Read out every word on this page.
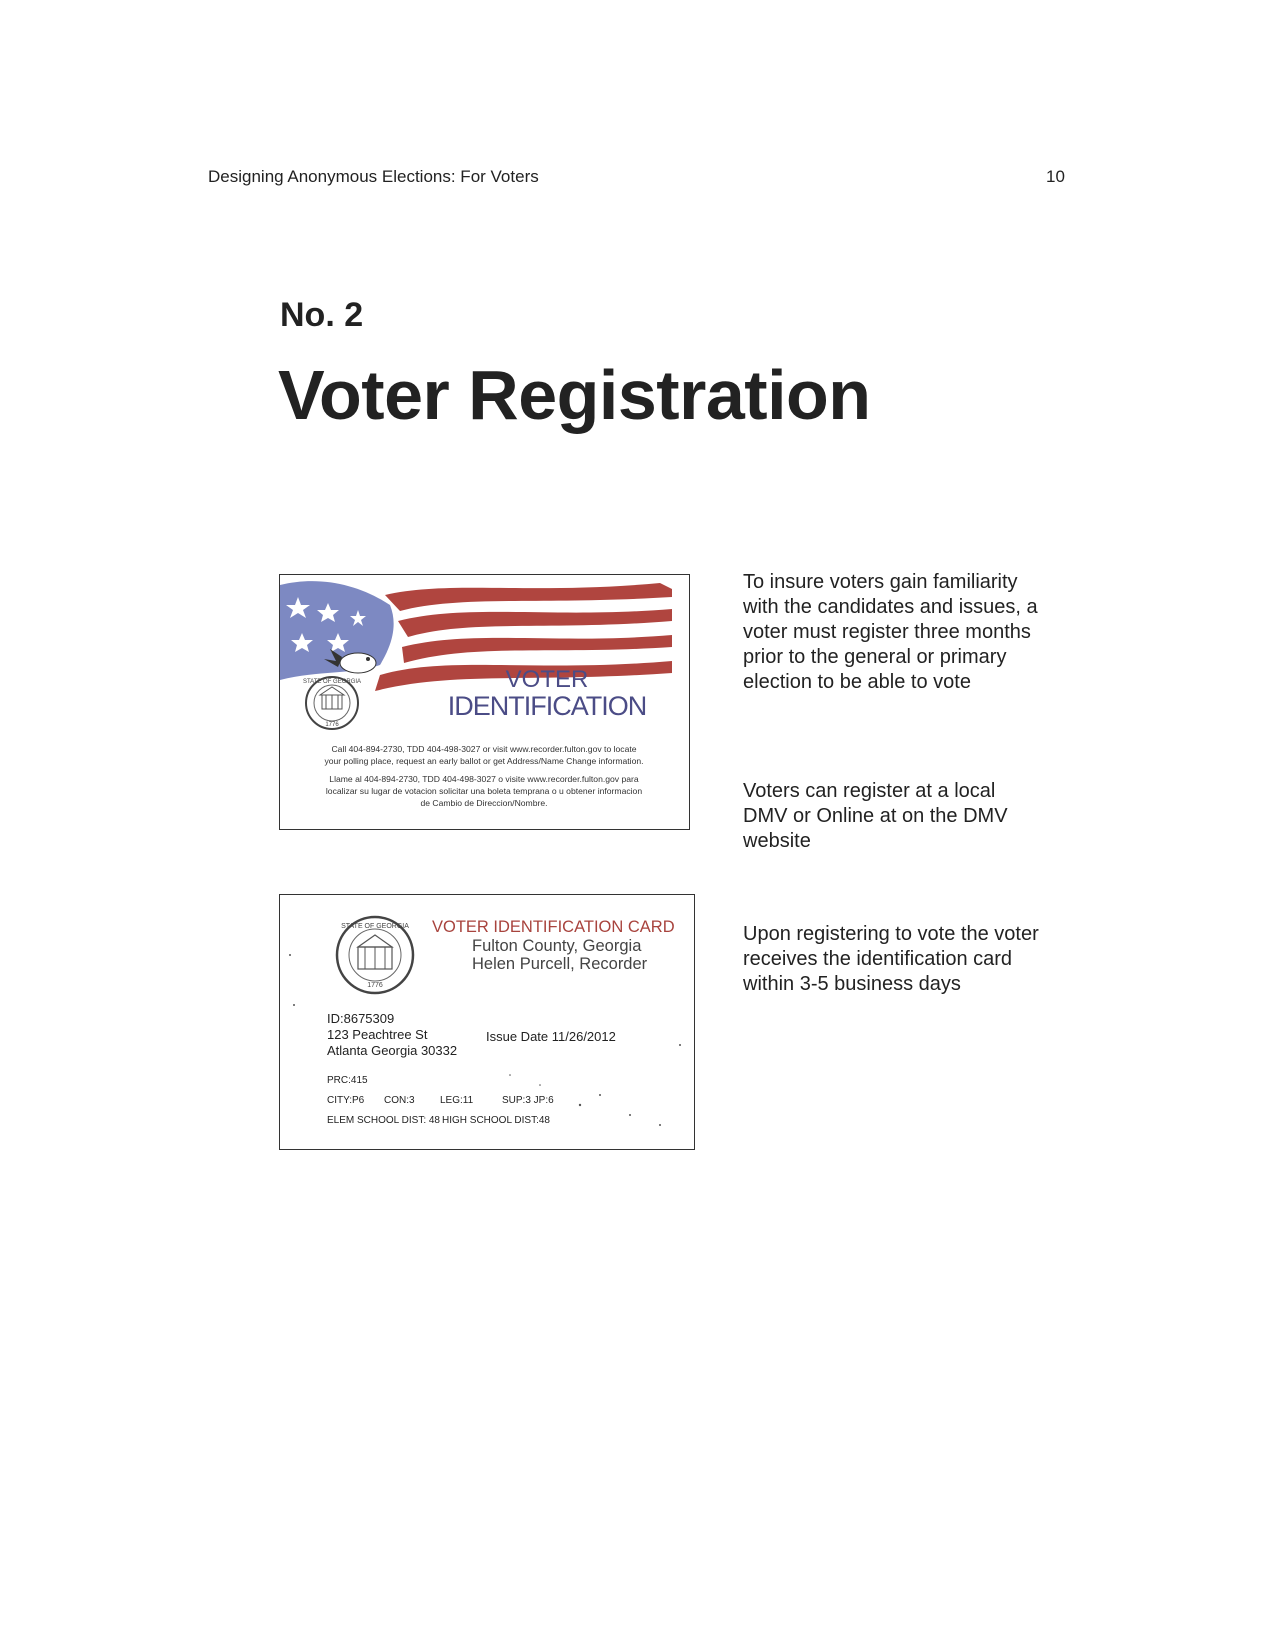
Designing Anonymous Elections: For Voters	10
No. 2
Voter Registration
STATE OF GEORGIA
1776
VOTER
IDENTIFICATION
Call 404-894-2730, TDD 404-498-3027 or visit www.recorder.fulton.gov to locate
your polling place, request an early ballot or get Address/Name Change information.
Llame al 404-894-2730, TDD 404-498-3027 o visite www.recorder.fulton.gov para
localizar su lugar de votacion solicitar una boleta temprana o u obtener informacion
de Cambio de Direccion/Nombre.
STATE OF GEORGIA
1776
VOTER IDENTIFICATION CARD
Fulton County, Georgia
Helen Purcell, Recorder
ID:8675309
123 Peachtree St
Atlanta Georgia 30332
Issue Date 11/26/2012
PRC:415
CITY:P6 CON:3	LEG:11	SUP:3 JP:6
ELEM SCHOOL DIST: 48 HIGH SCHOOL DIST:48
To insure voters gain familiarity with the candidates and issues, a voter must register three months prior to the general or primary election to be able to vote
Voters can register at a local DMV or Online at on the DMV website
Upon registering to vote the voter receives the identification card within 3-5 business days
